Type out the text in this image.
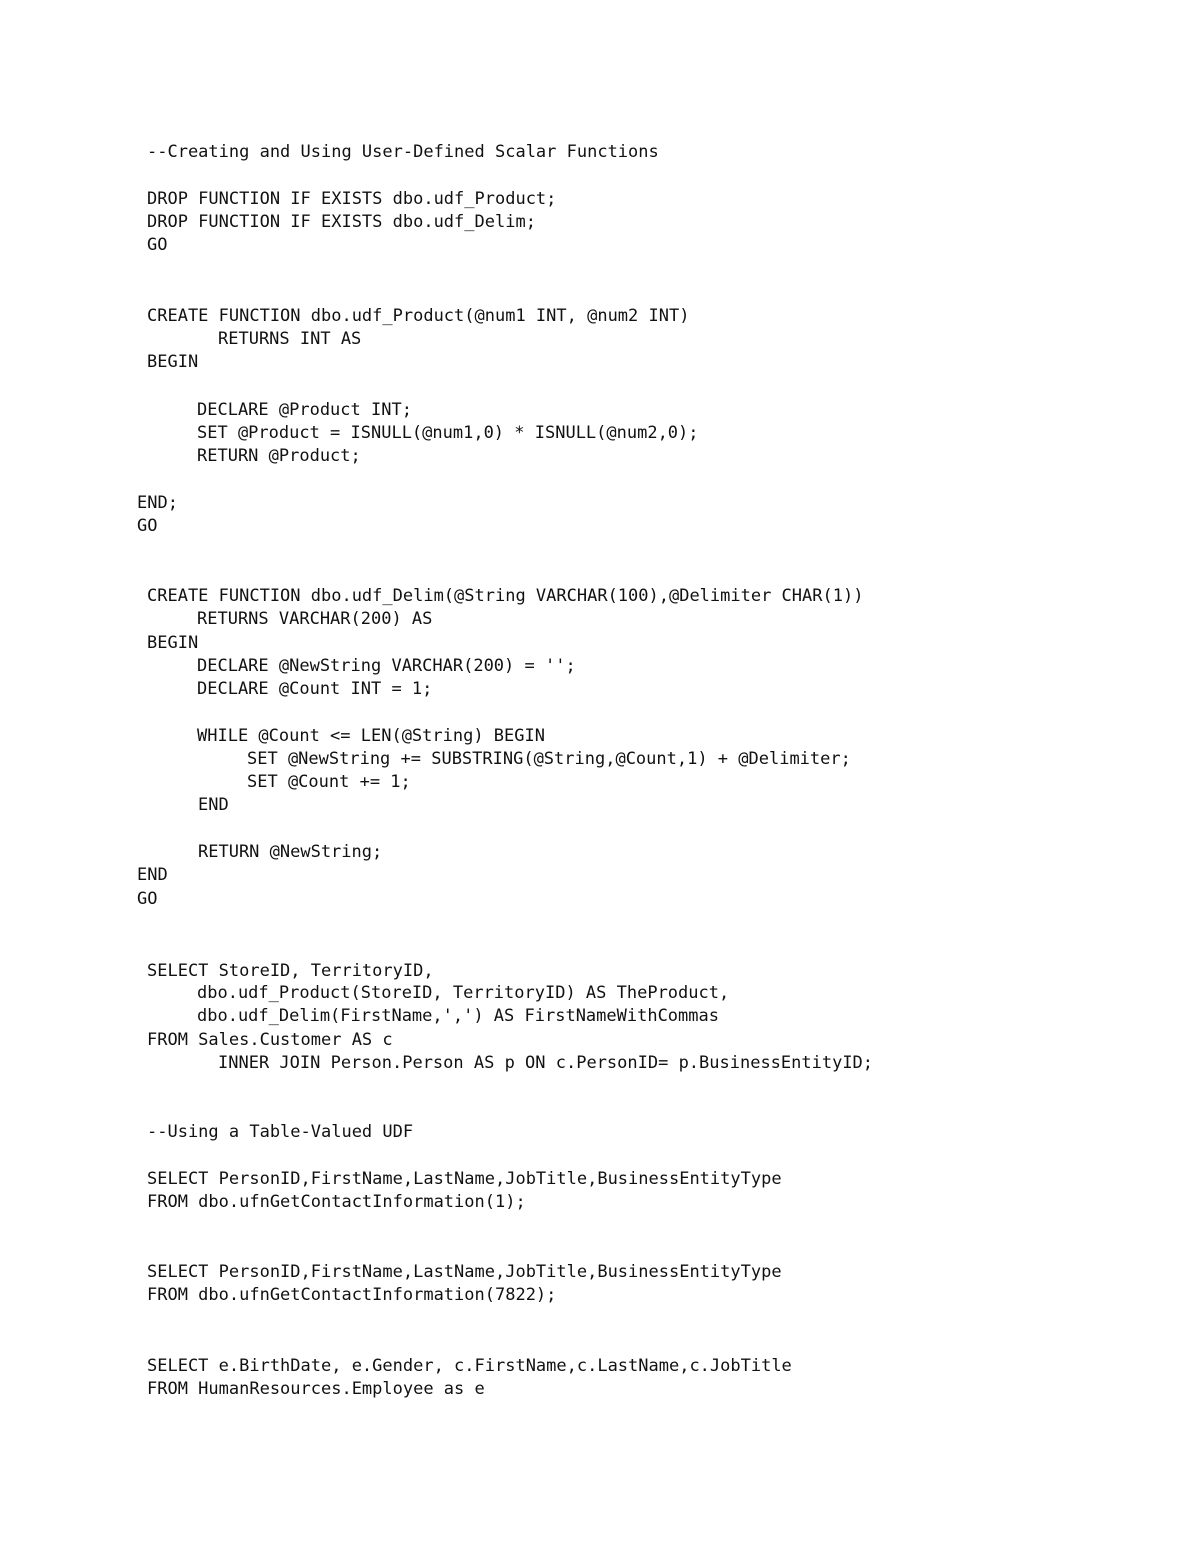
--Creating and Using User-Defined Scalar Functions

DROP FUNCTION IF EXISTS dbo.udf_Product;

DROP FUNCTION IF EXISTS dbo.udf_Delim;

GO

CREATE FUNCTION dbo.udf_Product(@num1 INT, @num2 INT)

RETURNS INT AS

BEGIN

DECLARE @Product INT;

SET @Product = ISNULL(@num1,0) * ISNULL(@num2,0);

RETURN @Product;

END;

GO

CREATE FUNCTION dbo.udf_Delim(@String VARCHAR(100),@Delimiter CHAR(1))

RETURNS VARCHAR(200) AS

BEGIN

DECLARE @NewString VARCHAR(200) = '';

DECLARE @Count INT = 1;

WHILE @Count <= LEN(@String) BEGIN

SET @NewString += SUBSTRING(@String,@Count,1) + @Delimiter;

SET @Count += 1;

END

RETURN @NewString;

END

GO

SELECT StoreID, TerritoryID,

dbo.udf_Product(StoreID, TerritoryID) AS TheProduct,

dbo.udf_Delim(FirstName,',') AS FirstNameWithCommas

FROM Sales.Customer AS c

INNER JOIN Person.Person AS p ON c.PersonID= p.BusinessEntityID;

--Using a Table-Valued UDF

SELECT PersonID,FirstName,LastName,JobTitle,BusinessEntityType

FROM dbo.ufnGetContactInformation(1);

SELECT PersonID,FirstName,LastName,JobTitle,BusinessEntityType

FROM dbo.ufnGetContactInformation(7822);

SELECT e.BirthDate, e.Gender, c.FirstName,c.LastName,c.JobTitle

FROM HumanResources.Employee as e
